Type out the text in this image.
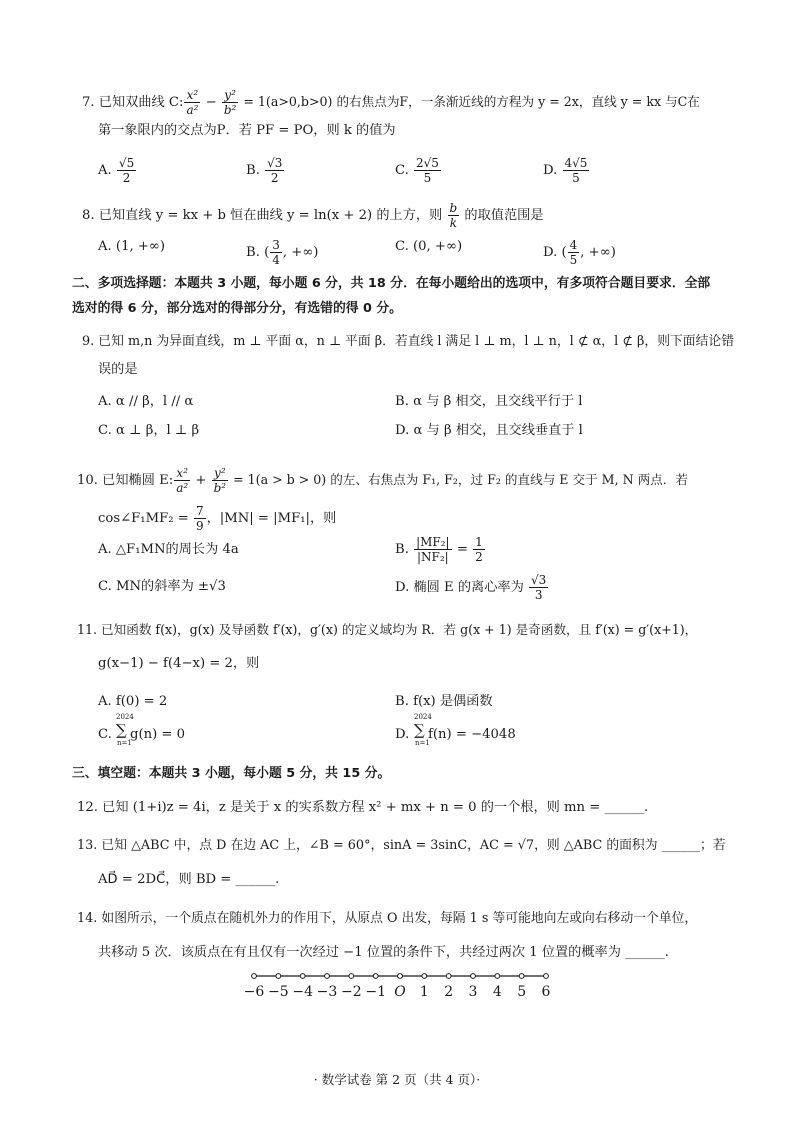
7. 已知双曲线 C: $\frac{\text{x²}}{\text{a²}} - \frac{\text{y²}}{\text{b²}} = 1(a>0,b>0)$ 的右焦点为F，一条渐近线的方程为 y = 2x，直线 y = kx 与C在
第一象限内的交点为P．若 PF = PO，则 k 的值为
A. $\frac{√5}{2}$	B. $\frac{√3}{2}$	C. $\frac{2√5}{5}$	D. $\frac{4√5}{5}$
8. 已知直线 y = kx + b 恒在曲线 y = ln(x + 2) 的上方，则 $\frac{b}{k}$ 的取值范围是
A. (1, +∞)	B. ( $\frac{3}{4}$ , +∞)	C. (0, +∞)	D. ( $\frac{4}{5}$ , +∞)
二、多项选择题：本题共 3 小题，每小题 6 分，共 18 分．在每小题给出的选项中，有多项符合题目要求．全部
选对的得 6 分，部分选对的得部分分，有选错的得 0 分。
9. 已知 m,n 为异面直线，m ⊥ 平面 α，n ⊥ 平面 β．若直线 l 满足 l ⊥ m，l ⊥ n，l ⊄ α，l ⊄ β，则下面结论错
误的是
A. α // β，l // α	B. α 与 β 相交，且交线平行于 l
C. α ⊥ β，l ⊥ β	D. α 与 β 相交，且交线垂直于 l
10. 已知椭圆 E: $\frac{\text{x²}}{\text{a²}} + \frac{\text{y²}}{\text{b²}} = 1(a > b > 0)$ 的左、右焦点为 F₁, F₂，过 F₂ 的直线与 E 交于 M, N 两点．若
cos∠F₁MF₂ = $\frac{7}{9}$ ，|MN| = |MF₁|，则
A. △F₁MN的周长为 4a	B. $\frac{\text{|MF₂|}}{\text{|NF₂|}} = \frac{1}{2}$
C. MN的斜率为 ±√3	D. 椭圆 E 的离心率为 $\frac{√3}{3}$
11. 已知函数 f(x)，g(x) 及导函数 f′(x)，g′(x) 的定义域均为 R．若 g(x + 1) 是奇函数，且 f′(x) = g′(x+1)，
g(x−1) − f(4−x) = 2，则
A. f(0) = 2	B. f(x) 是偶函数
C.
2024
∑
n=1
g(n) = 0	D.
2024
∑
n=1
f(n) = −4048
三、填空题：本题共 3 小题，每小题 5 分，共 15 分。
12. 已知 (1+i)z = 4i，z 是关于 x 的实系数方程 x² + mx + n = 0 的一个根，则 mn = ______.
13. 已知 △ABC 中，点 D 在边 AC 上，∠B = 60°，sinA = 3sinC，AC = √7，则 △ABC 的面积为 ______；若
AD⃗ = 2DC⃗，则 BD = ______.
14. 如图所示，一个质点在随机外力的作用下，从原点 O 出发，每隔 1 s 等可能地向左或向右移动一个单位，
共移动 5 次．该质点在有且仅有一次经过 −1 位置的条件下，共经过两次 1 位置的概率为 ______.
−6 −5 −4 −3 −2 −1 O 1 2 3 4 5 6
· 数学试卷 第 2 页（共 4 页）·
